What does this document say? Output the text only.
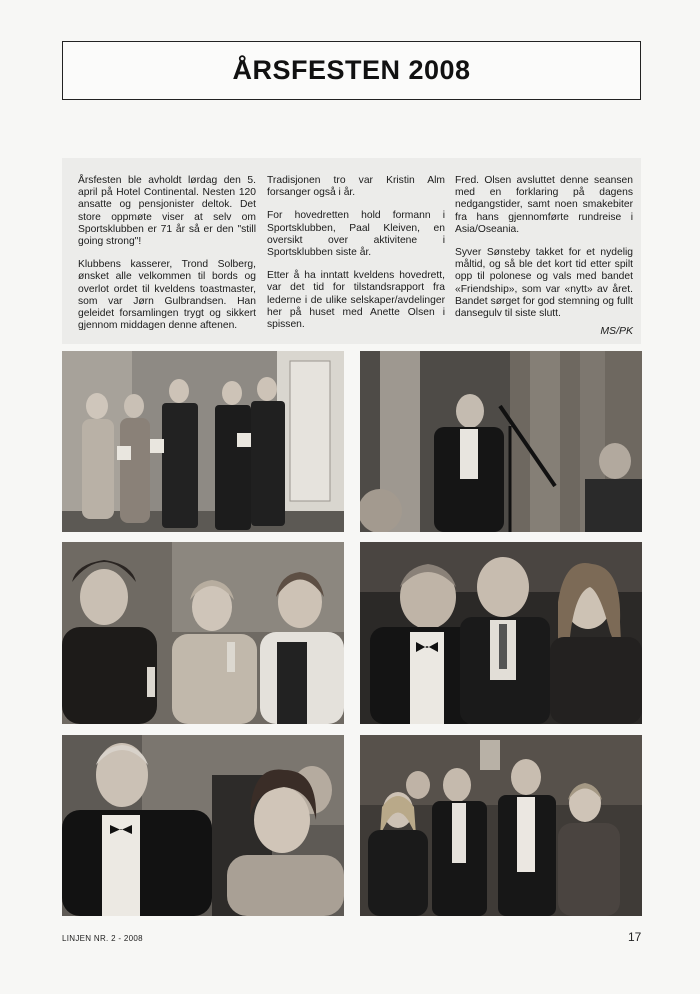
ÅRSFESTEN 2008

Årsfesten ble avholdt lørdag den 5. april på Hotel Continental. Nesten 120 ansatte og pensjonister deltok. Det store oppmøte viser at selv om Sportsklubben er 71 år så er den "still going strong"!

Klubbens kasserer, Trond Solberg, ønsket alle velkommen til bords og overlot ordet til kveldens toastmaster, som var Jørn Gulbrandsen. Han geleidet forsamlingen trygt og sikkert gjennom middagen denne aftenen.

Tradisjonen tro var Kristin Alm forsanger også i år.

For hovedretten hold formann i Sportsklubben, Paal Kleiven, en oversikt over aktivitene i Sportsklubben siste år.

Etter å ha inntatt kveldens hovedrett, var det tid for tilstandsrapport fra lederne i de ulike selskaper/avdelinger her på huset med Anette Olsen i spissen.

Fred. Olsen avsluttet denne seansen med en forklaring på dagens nedgangstider, samt noen smakebiter fra hans gjennomførte rundreise i Asia/Oseania.

Syver Sønsteby takket for et nydelig måltid, og så ble det kort tid etter spilt opp til polonese og vals med bandet «Friendship», som var «nytt» av året. Bandet sørget for god stemning og fullt dansegulv til siste slutt.

MS/PK
LINJEN NR. 2 - 2008	17
